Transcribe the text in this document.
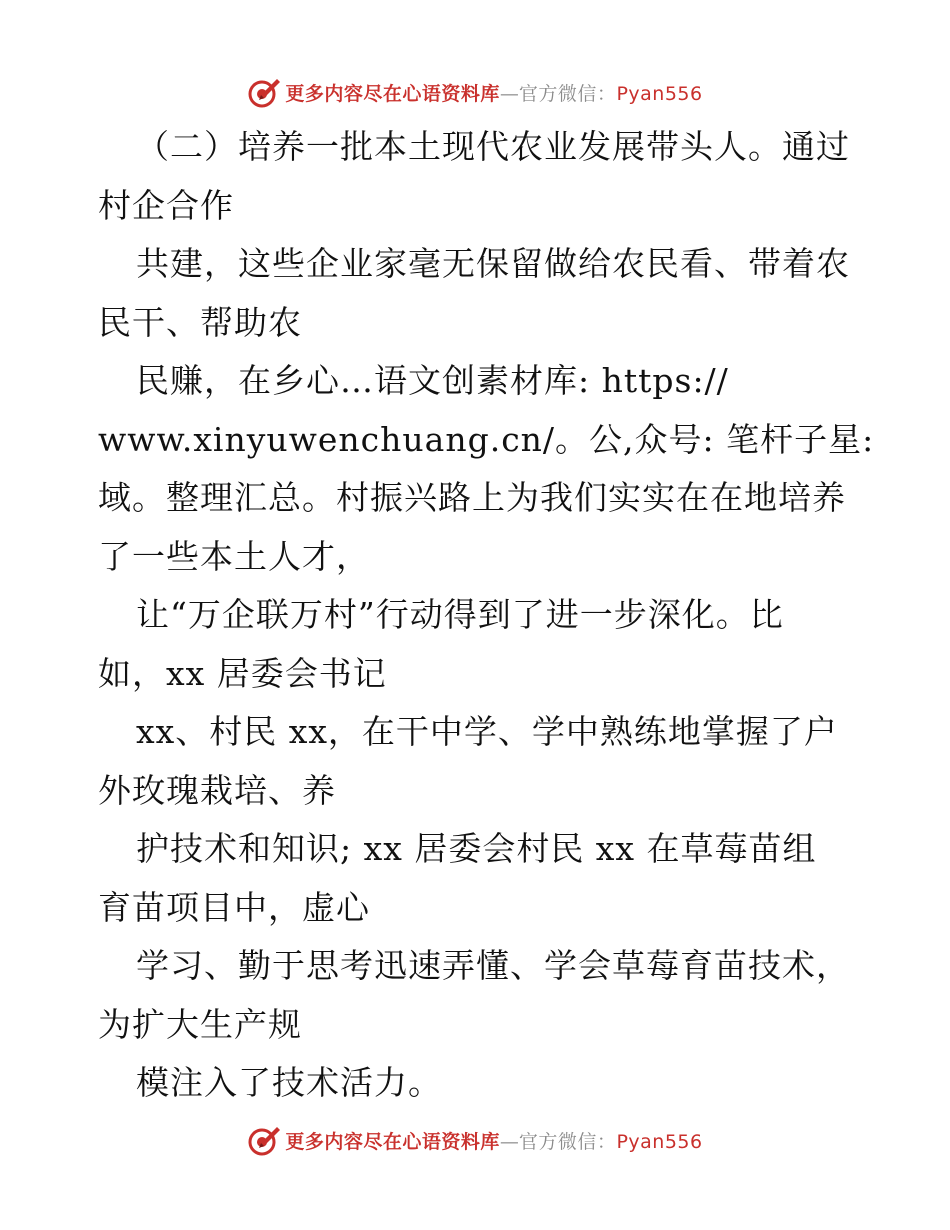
更多内容尽在心语资料库—官方微信：Pyan556
（二）培养一批本土现代农业发展带头人。通过
村企合作
共建，这些企业家毫无保留做给农民看、带着农
民干、帮助农
民赚，在乡心…语文创素材库: https://
www.xinyuwenchuang.cn/。公,众号: 笔杆子星:
域。整理汇总。村振兴路上为我们实实在在地培养
了一些本土人才，
让“万企联万村”行动得到了进一步深化。比
如，xx 居委会书记
xx、村民 xx，在干中学、学中熟练地掌握了户
外玫瑰栽培、养
护技术和知识; xx 居委会村民 xx 在草莓苗组
育苗项目中，虚心
学习、勤于思考迅速弄懂、学会草莓育苗技术，
为扩大生产规
模注入了技术活力。
更多内容尽在心语资料库—官方微信：Pyan556
